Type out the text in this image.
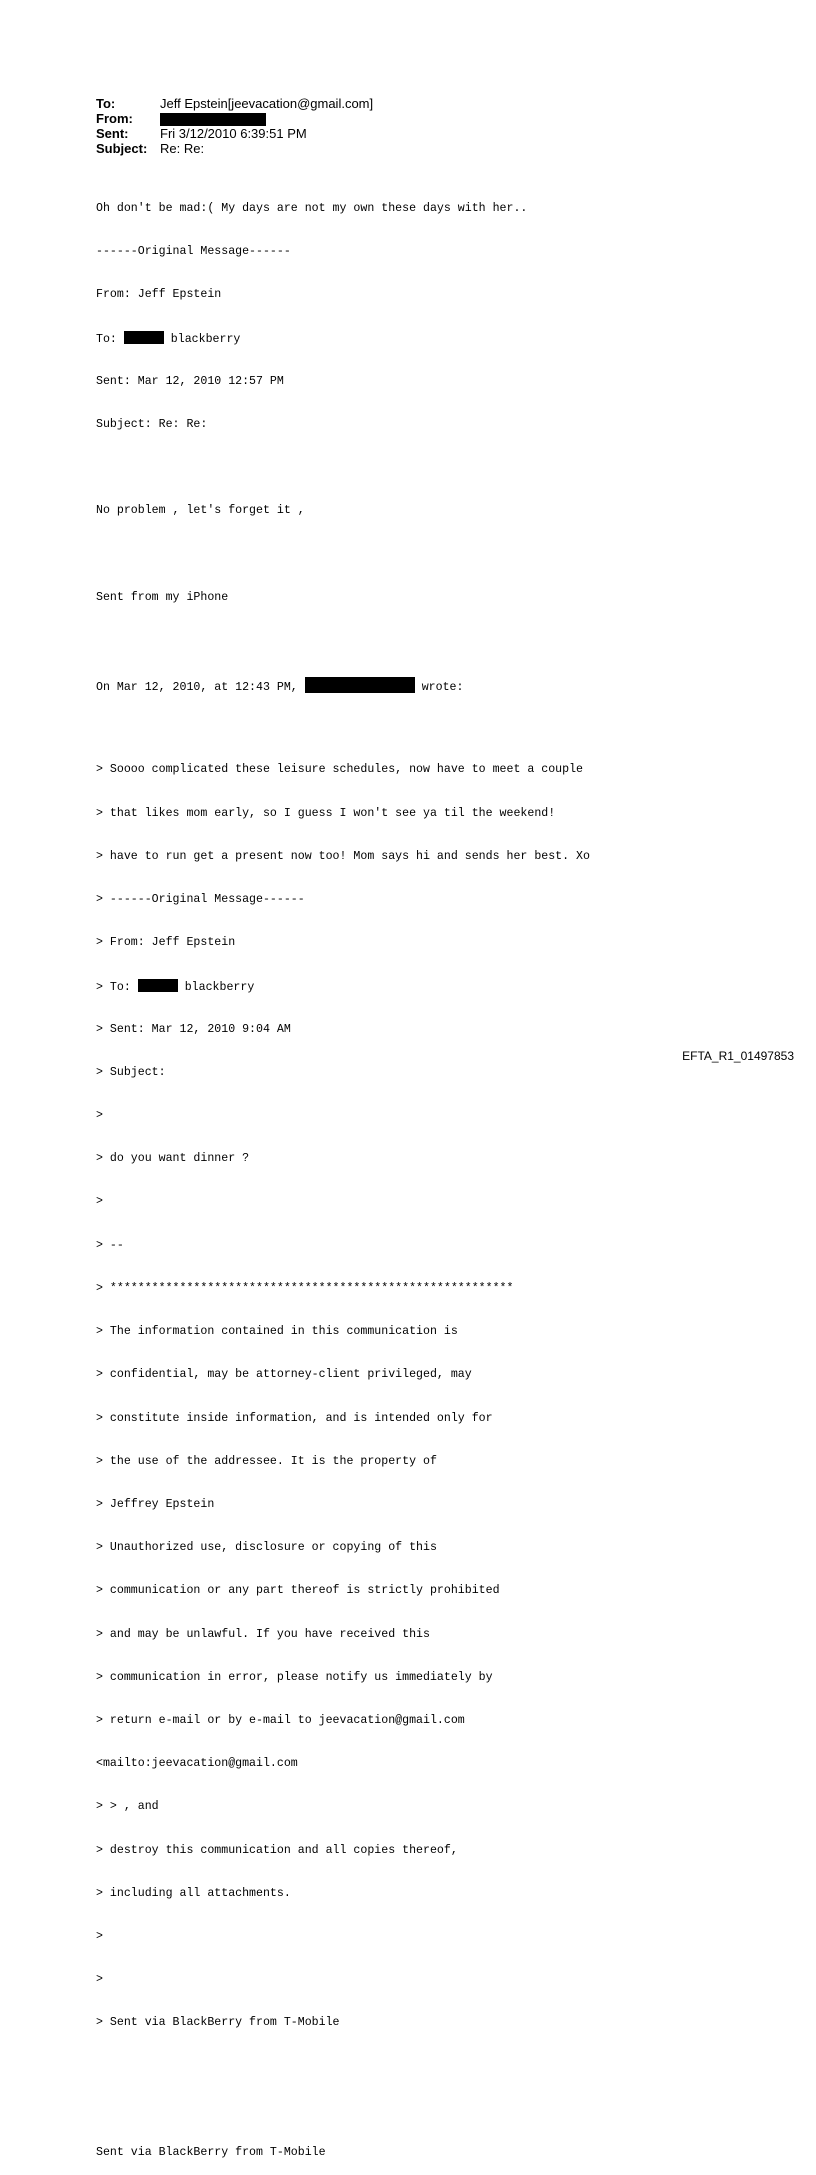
To:	Jeff Epstein[jeevacation@gmail.com]
From:
Sent:	Fri 3/12/2010 6:39:51 PM
Subject: Re: Re:

Oh don't be mad:( My days are not my own these days with her..

------Original Message------

From: Jeff Epstein

To:	blackberry

Sent: Mar 12, 2010 12:57 PM

Subject: Re: Re:

No problem , let's forget it ,

Sent from my iPhone

On Mar 12, 2010, at 12:43 PM,	wrote:

> Soooo complicated these leisure schedules, now have to meet a couple

> that likes mom early, so I guess I won't see ya til the weekend!

> have to run get a present now too! Mom says hi and sends her best. Xo

> ------Original Message------

> From: Jeff Epstein

> To:	blackberry

> Sent: Mar 12, 2010 9:04 AM

> Subject:

>

> do you want dinner ?

>

> --

> **********************************************************

> The information contained in this communication is

> confidential, may be attorney-client privileged, may

> constitute inside information, and is intended only for

> the use of the addressee. It is the property of

> Jeffrey Epstein

> Unauthorized use, disclosure or copying of this

> communication or any part thereof is strictly prohibited

> and may be unlawful. If you have received this

> communication in error, please notify us immediately by

> return e-mail or by e-mail to jeevacation@gmail.com

<mailto:jeevacation@gmail.com

> > , and

> destroy this communication and all copies thereof,

> including all attachments.

>

>

> Sent via BlackBerry from T-Mobile

Sent via BlackBerry from T-Mobile

EFTA_R1_01497853
